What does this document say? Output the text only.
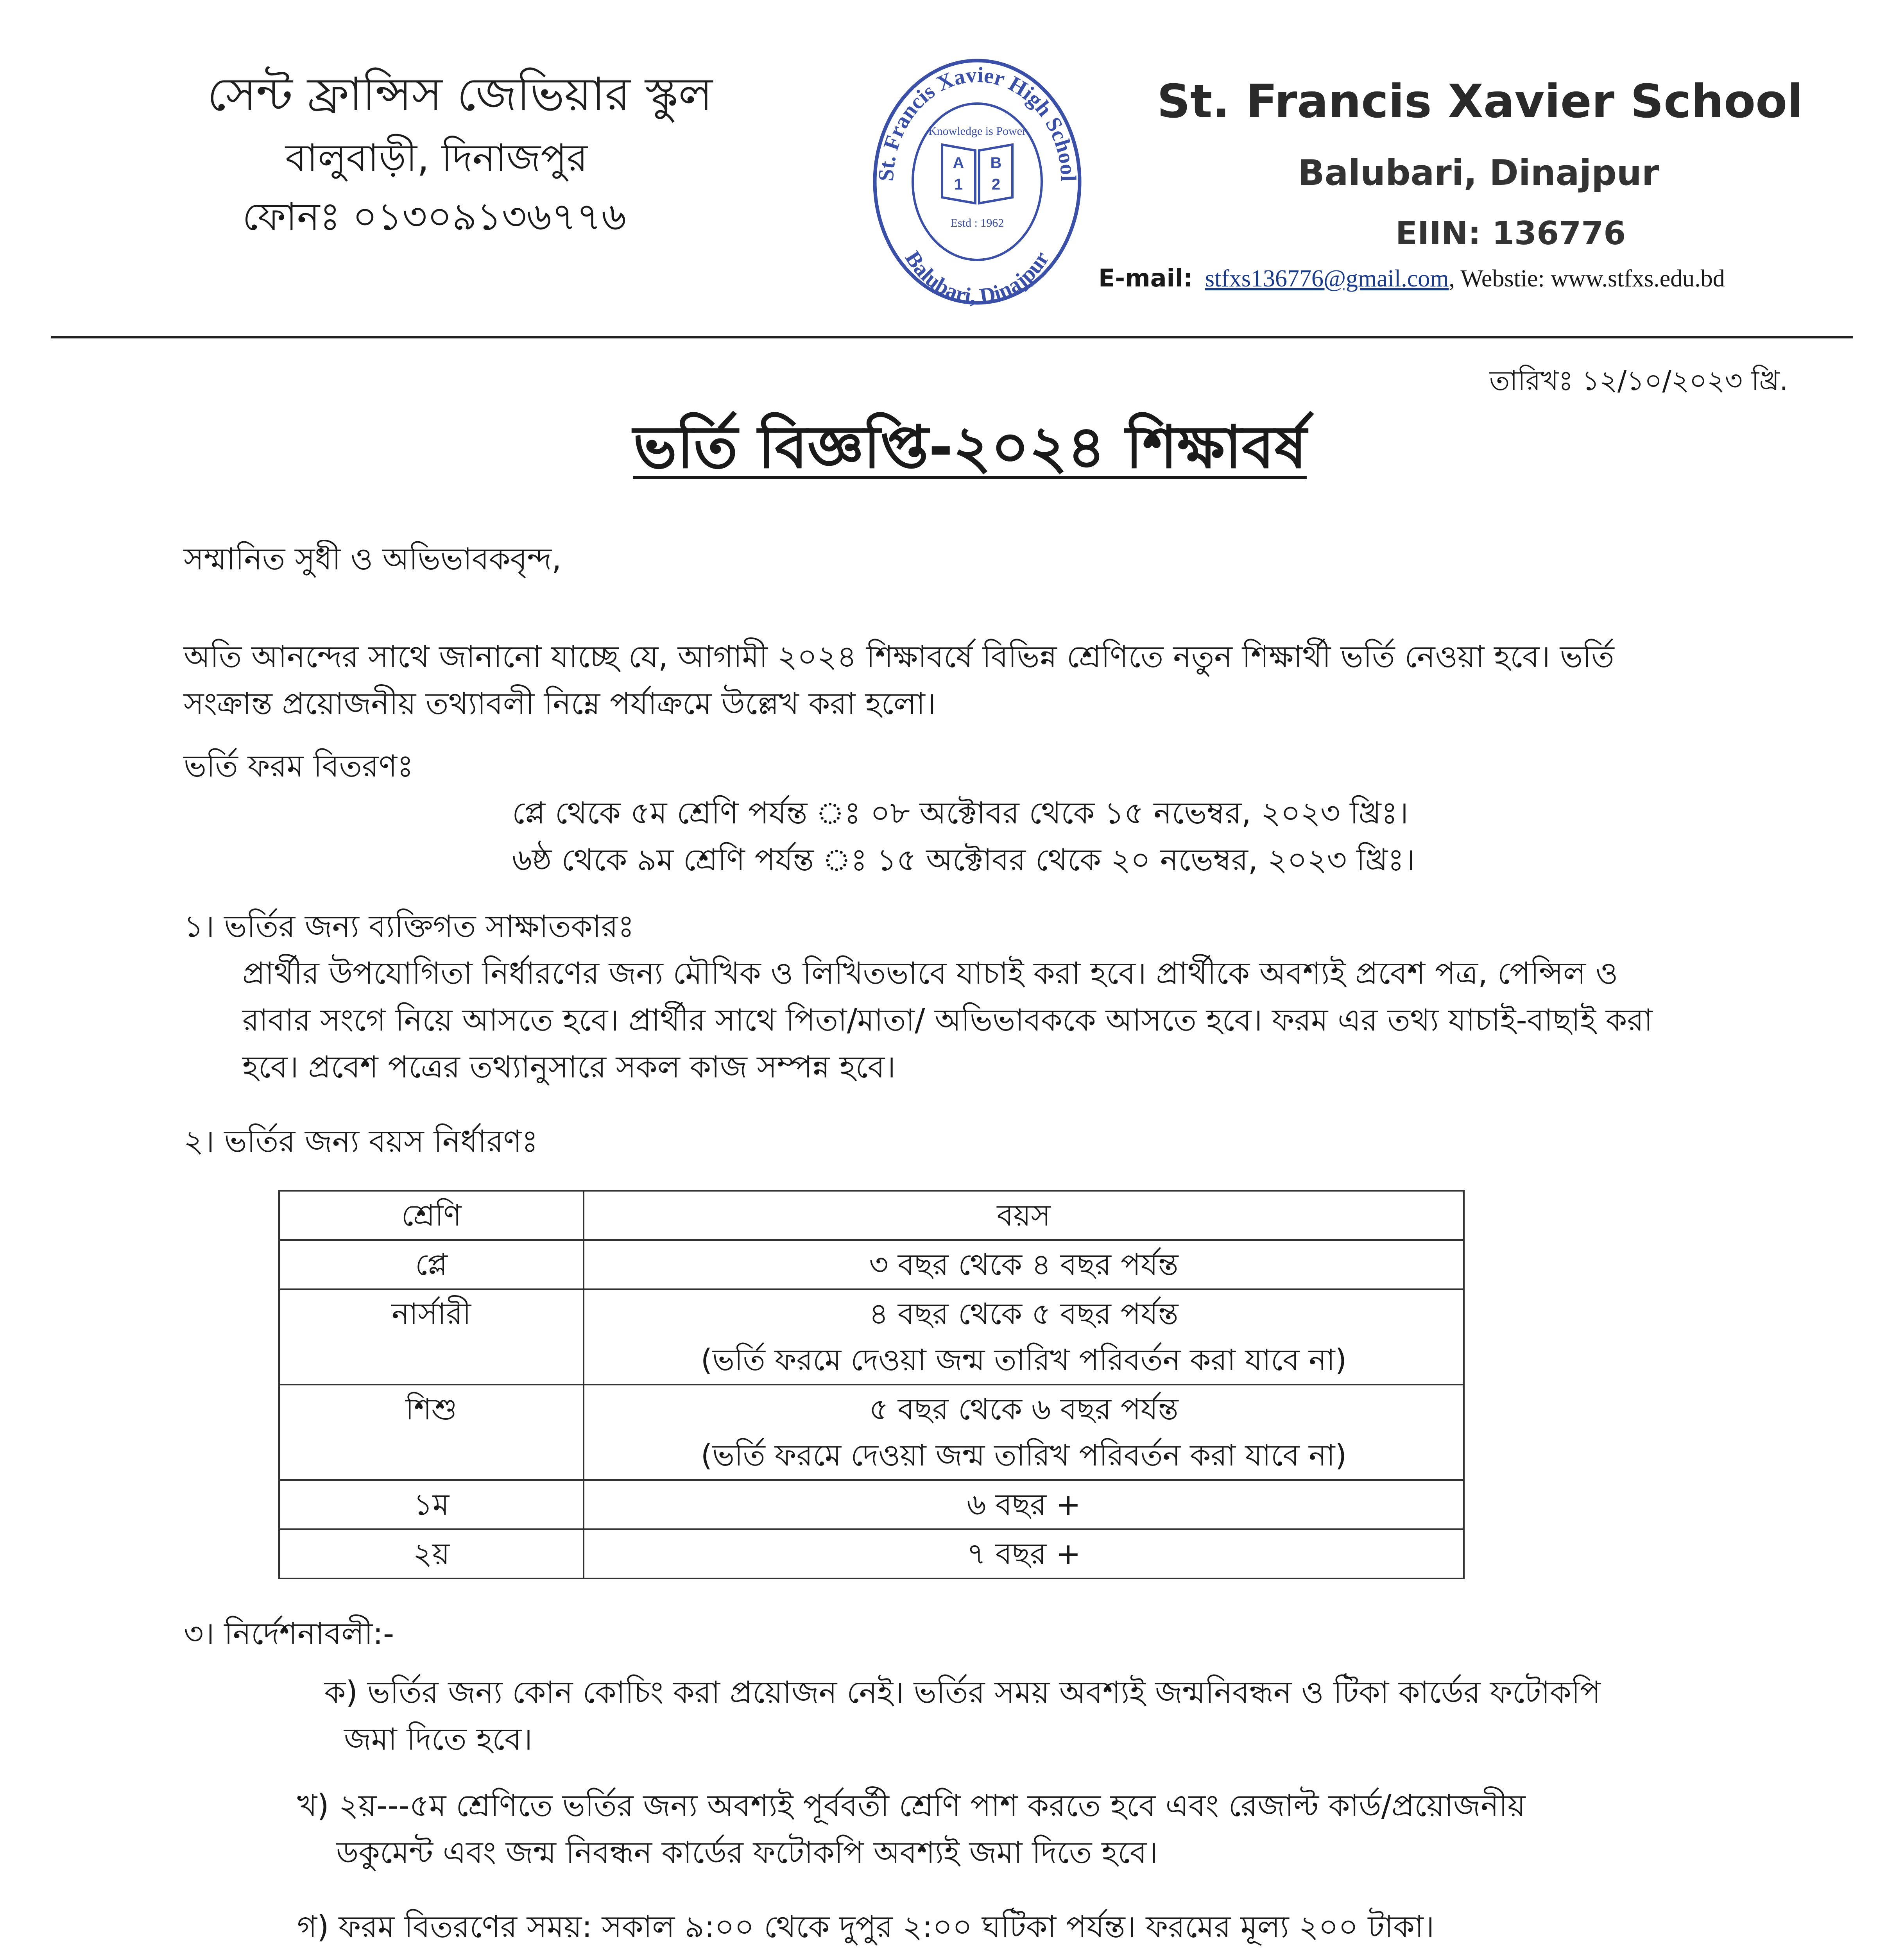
সেন্ট ফ্রান্সিস জেভিয়ার স্কুল
বালুবাড়ী, দিনাজপুর
ফোনঃ ০১৩০৯১৩৬৭৭৬
St. Francis Xavier High School
Balubari, Dinajpur
Knowledge is Power
A B
1 2
Estd : 1962
St. Francis Xavier School
Balubari, Dinajpur
EIIN: 136776
E-mail: stfxs136776@gmail.com, Webstie: www.stfxs.edu.bd
তারিখঃ ১২/১০/২০২৩ খ্রি.
ভর্তি বিজ্ঞপ্তি-২০২৪ শিক্ষাবর্ষ
সম্মানিত সুধী ও অভিভাবকবৃন্দ,
অতি আনন্দের সাথে জানানো যাচ্ছে যে, আগামী ২০২৪ শিক্ষাবর্ষে বিভিন্ন শ্রেণিতে নতুন শিক্ষার্থী ভর্তি নেওয়া হবে। ভর্তি
সংক্রান্ত প্রয়োজনীয় তথ্যাবলী নিম্নে পর্যাক্রমে উল্লেখ করা হলো।
ভর্তি ফরম বিতরণঃ
প্লে থেকে ৫ম শ্রেণি পর্যন্ত ঃ ০৮ অক্টোবর থেকে ১৫ নভেম্বর, ২০২৩ খ্রিঃ।
৬ষ্ঠ থেকে ৯ম শ্রেণি পর্যন্ত ঃ ১৫ অক্টোবর থেকে ২০ নভেম্বর, ২০২৩ খ্রিঃ।
১। ভর্তির জন্য ব্যক্তিগত সাক্ষাতকারঃ
প্রার্থীর উপযোগিতা নির্ধারণের জন্য মৌখিক ও লিখিতভাবে যাচাই করা হবে। প্রার্থীকে অবশ্যই প্রবেশ পত্র, পেন্সিল ও
রাবার সংগে নিয়ে আসতে হবে। প্রার্থীর সাথে পিতা/মাতা/ অভিভাবককে আসতে হবে। ফরম এর তথ্য যাচাই-বাছাই করা
হবে। প্রবেশ পত্রের তথ্যানুসারে সকল কাজ সম্পন্ন হবে।
২। ভর্তির জন্য বয়স নির্ধারণঃ
শ্রেণি	বয়স
প্লে	৩ বছর থেকে ৪ বছর পর্যন্ত

নার্সারী	৪ বছর থেকে ৫ বছর পর্যন্ত
(ভর্তি ফরমে দেওয়া জন্ম তারিখ পরিবর্তন করা যাবে না)

শিশু	৫ বছর থেকে ৬ বছর পর্যন্ত
(ভর্তি ফরমে দেওয়া জন্ম তারিখ পরিবর্তন করা যাবে না)

১ম	৬ বছর +

২য়	৭ বছর +
৩। নির্দেশনাবলী:-
ক) ভর্তির জন্য কোন কোচিং করা প্রয়োজন নেই। ভর্তির সময় অবশ্যই জন্মনিবন্ধন ও টিকা কার্ডের ফটোকপি
জমা দিতে হবে।
খ) ২য়---৫ম শ্রেণিতে ভর্তির জন্য অবশ্যই পূর্ববর্তী শ্রেণি পাশ করতে হবে এবং রেজাল্ট কার্ড/প্রয়োজনীয়
ডকুমেন্ট এবং জন্ম নিবন্ধন কার্ডের ফটোকপি অবশ্যই জমা দিতে হবে।
গ) ফরম বিতরণের সময়: সকাল ৯:০০ থেকে দুপুর ২:০০ ঘটিকা পর্যন্ত। ফরমের মূল্য ২০০ টাকা।
